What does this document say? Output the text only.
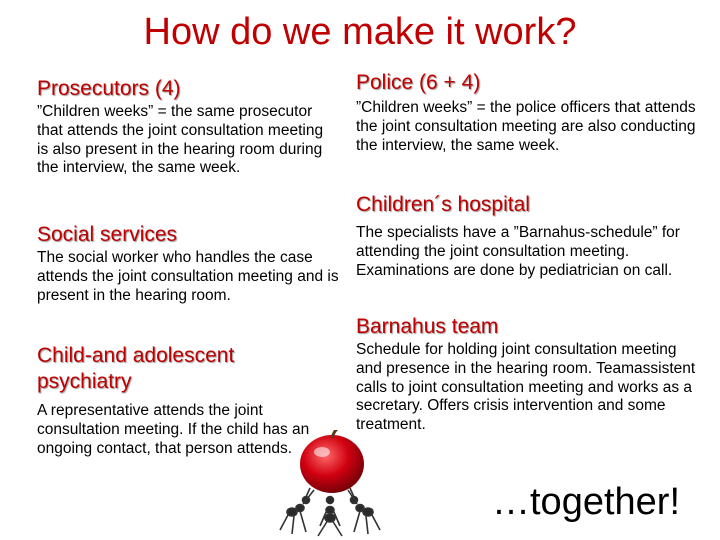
How do we make it work?
Prosecutors (4)
”Children weeks” = the same prosecutor that attends the joint consultation meeting is also present in the hearing room during the interview, the same week.
Social services
The social worker who handles the case attends the joint consultation meeting and is present in the hearing room.
Child-and adolescent psychiatry
A representative attends the joint consultation meeting. If the child has an ongoing contact, that person attends.
Police (6 + 4)
”Children weeks” = the police officers that attends the joint consultation meeting are also conducting the interview, the same week.
Children´s hospital
The specialists have a ”Barnahus-schedule” for attending the joint consultation meeting. Examinations are done by pediatrician on call.
Barnahus team
Schedule for holding joint consultation meeting and presence in the hearing room. Teamassistent calls to joint consultation meeting and works as a secretary. Offers crisis intervention and some treatment.
…together!
